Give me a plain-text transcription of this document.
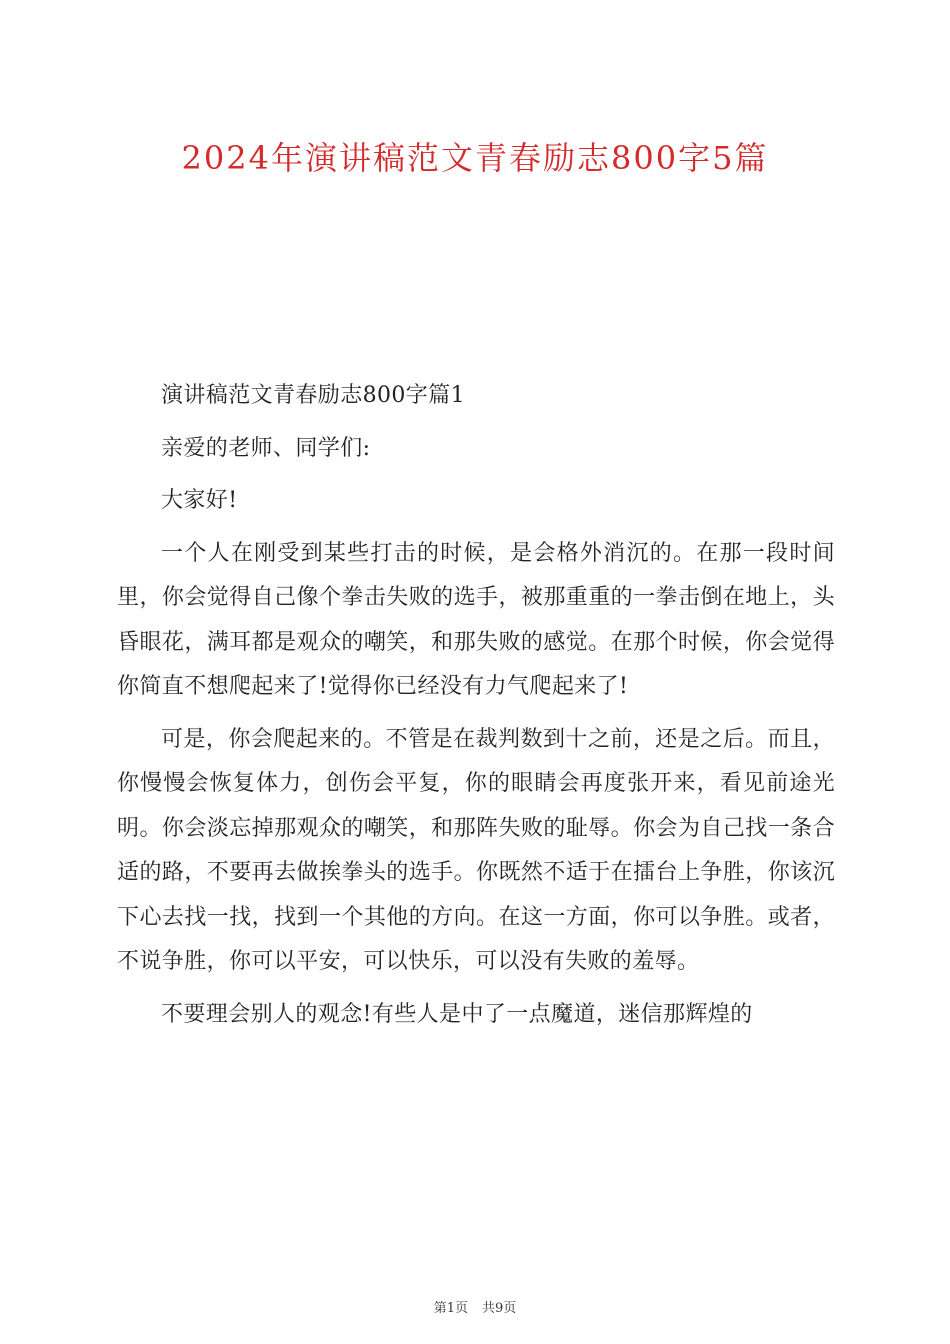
2024年演讲稿范文青春励志800字5篇

演讲稿范文青春励志800字篇1

亲爱的老师、同学们:

大家好!

一个人在刚受到某些打击的时候，是会格外消沉的。在那一段时间里，你会觉得自己像个拳击失败的选手，被那重重的一拳击倒在地上，头昏眼花，满耳都是观众的嘲笑，和那失败的感觉。在那个时候，你会觉得你简直不想爬起来了!觉得你已经没有力气爬起来了!

可是，你会爬起来的。不管是在裁判数到十之前，还是之后。而且，你慢慢会恢复体力，创伤会平复，你的眼睛会再度张开来，看见前途光明。你会淡忘掉那观众的嘲笑，和那阵失败的耻辱。你会为自己找一条合适的路，不要再去做挨拳头的选手。你既然不适于在擂台上争胜，你该沉下心去找一找，找到一个其他的方向。在这一方面，你可以争胜。或者，不说争胜，你可以平安，可以快乐，可以没有失败的羞辱。

不要理会别人的观念!有些人是中了一点魔道，迷信那辉煌的

第1页 共9页
